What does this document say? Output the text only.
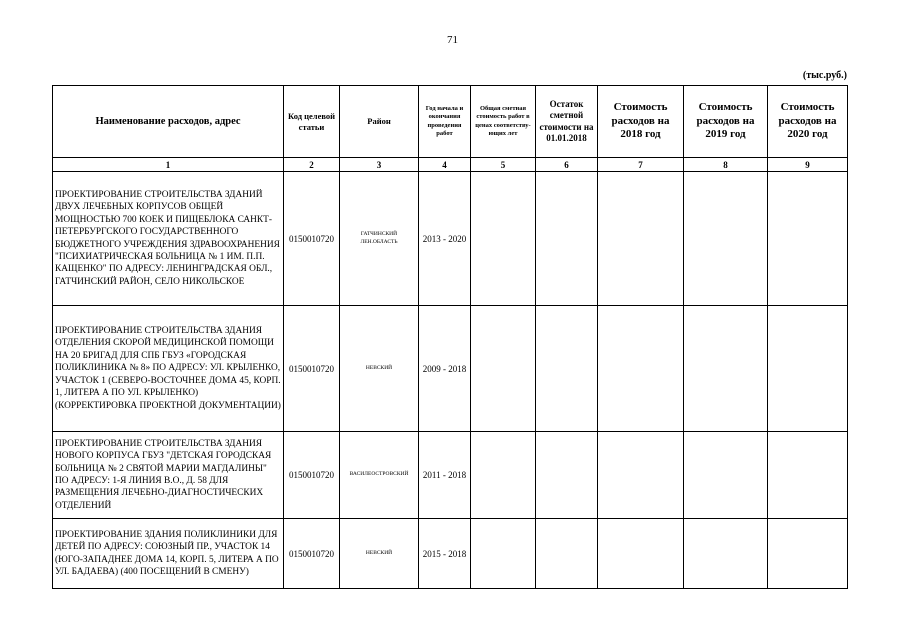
71
(тыс.руб.)
Наименование расходов, адрес	Код целевой статьи	Район	Год начала и окончания проведения работ	Общая сметная стоимость работ в ценах соответству-ющих лет	Остаток сметной стоимости на 01.01.2018	Стоимость расходов на 2018 год	Стоимость расходов на 2019 год	Стоимость расходов на 2020 год
1	2	3	4	5	6	7	8	9
ПРОЕКТИРОВАНИЕ СТРОИТЕЛЬСТВА ЗДАНИЙ ДВУХ ЛЕЧЕБНЫХ КОРПУСОВ ОБЩЕЙ МОЩНОСТЬЮ 700 КОЕК И ПИЩЕБЛОКА САНКТ-ПЕТЕРБУРГСКОГО ГОСУДАРСТВЕННОГО БЮДЖЕТНОГО УЧРЕЖДЕНИЯ ЗДРАВООХРАНЕНИЯ "ПСИХИАТРИЧЕСКАЯ БОЛЬНИЦА № 1 ИМ. П.П. КАЩЕНКО" ПО АДРЕСУ: ЛЕНИНГРАДСКАЯ ОБЛ., ГАТЧИНСКИЙ РАЙОН, СЕЛО НИКОЛЬСКОЕ	0150010720	ГАТЧИНСКИЙ ЛЕН.ОБЛАСТЬ	2013 - 2020					
ПРОЕКТИРОВАНИЕ СТРОИТЕЛЬСТВА ЗДАНИЯ ОТДЕЛЕНИЯ СКОРОЙ МЕДИЦИНСКОЙ ПОМОЩИ НА 20 БРИГАД ДЛЯ СПБ ГБУЗ «ГОРОДСКАЯ ПОЛИКЛИНИКА № 8» ПО АДРЕСУ: УЛ. КРЫЛЕНКО, УЧАСТОК 1 (СЕВЕРО-ВОСТОЧНЕЕ ДОМА 45, КОРП. 1, ЛИТЕРА А ПО УЛ. КРЫЛЕНКО) (КОРРЕКТИРОВКА ПРОЕКТНОЙ ДОКУМЕНТАЦИИ)	0150010720	НЕВСКИЙ	2009 - 2018					
ПРОЕКТИРОВАНИЕ СТРОИТЕЛЬСТВА ЗДАНИЯ НОВОГО КОРПУСА ГБУЗ "ДЕТСКАЯ ГОРОДСКАЯ БОЛЬНИЦА № 2 СВЯТОЙ МАРИИ МАГДАЛИНЫ" ПО АДРЕСУ: 1-Я ЛИНИЯ В.О., Д. 58 ДЛЯ РАЗМЕЩЕНИЯ ЛЕЧЕБНО-ДИАГНОСТИЧЕСКИХ ОТДЕЛЕНИЙ	0150010720	ВАСИЛЕОСТРОВСКИЙ	2011 - 2018					
ПРОЕКТИРОВАНИЕ ЗДАНИЯ ПОЛИКЛИНИКИ ДЛЯ ДЕТЕЙ ПО АДРЕСУ: СОЮЗНЫЙ ПР., УЧАСТОК 14 (ЮГО-ЗАПАДНЕЕ ДОМА 14, КОРП. 5, ЛИТЕРА А ПО УЛ. БАДАЕВА) (400 ПОСЕЩЕНИЙ В СМЕНУ)	0150010720	НЕВСКИЙ	2015 - 2018					
